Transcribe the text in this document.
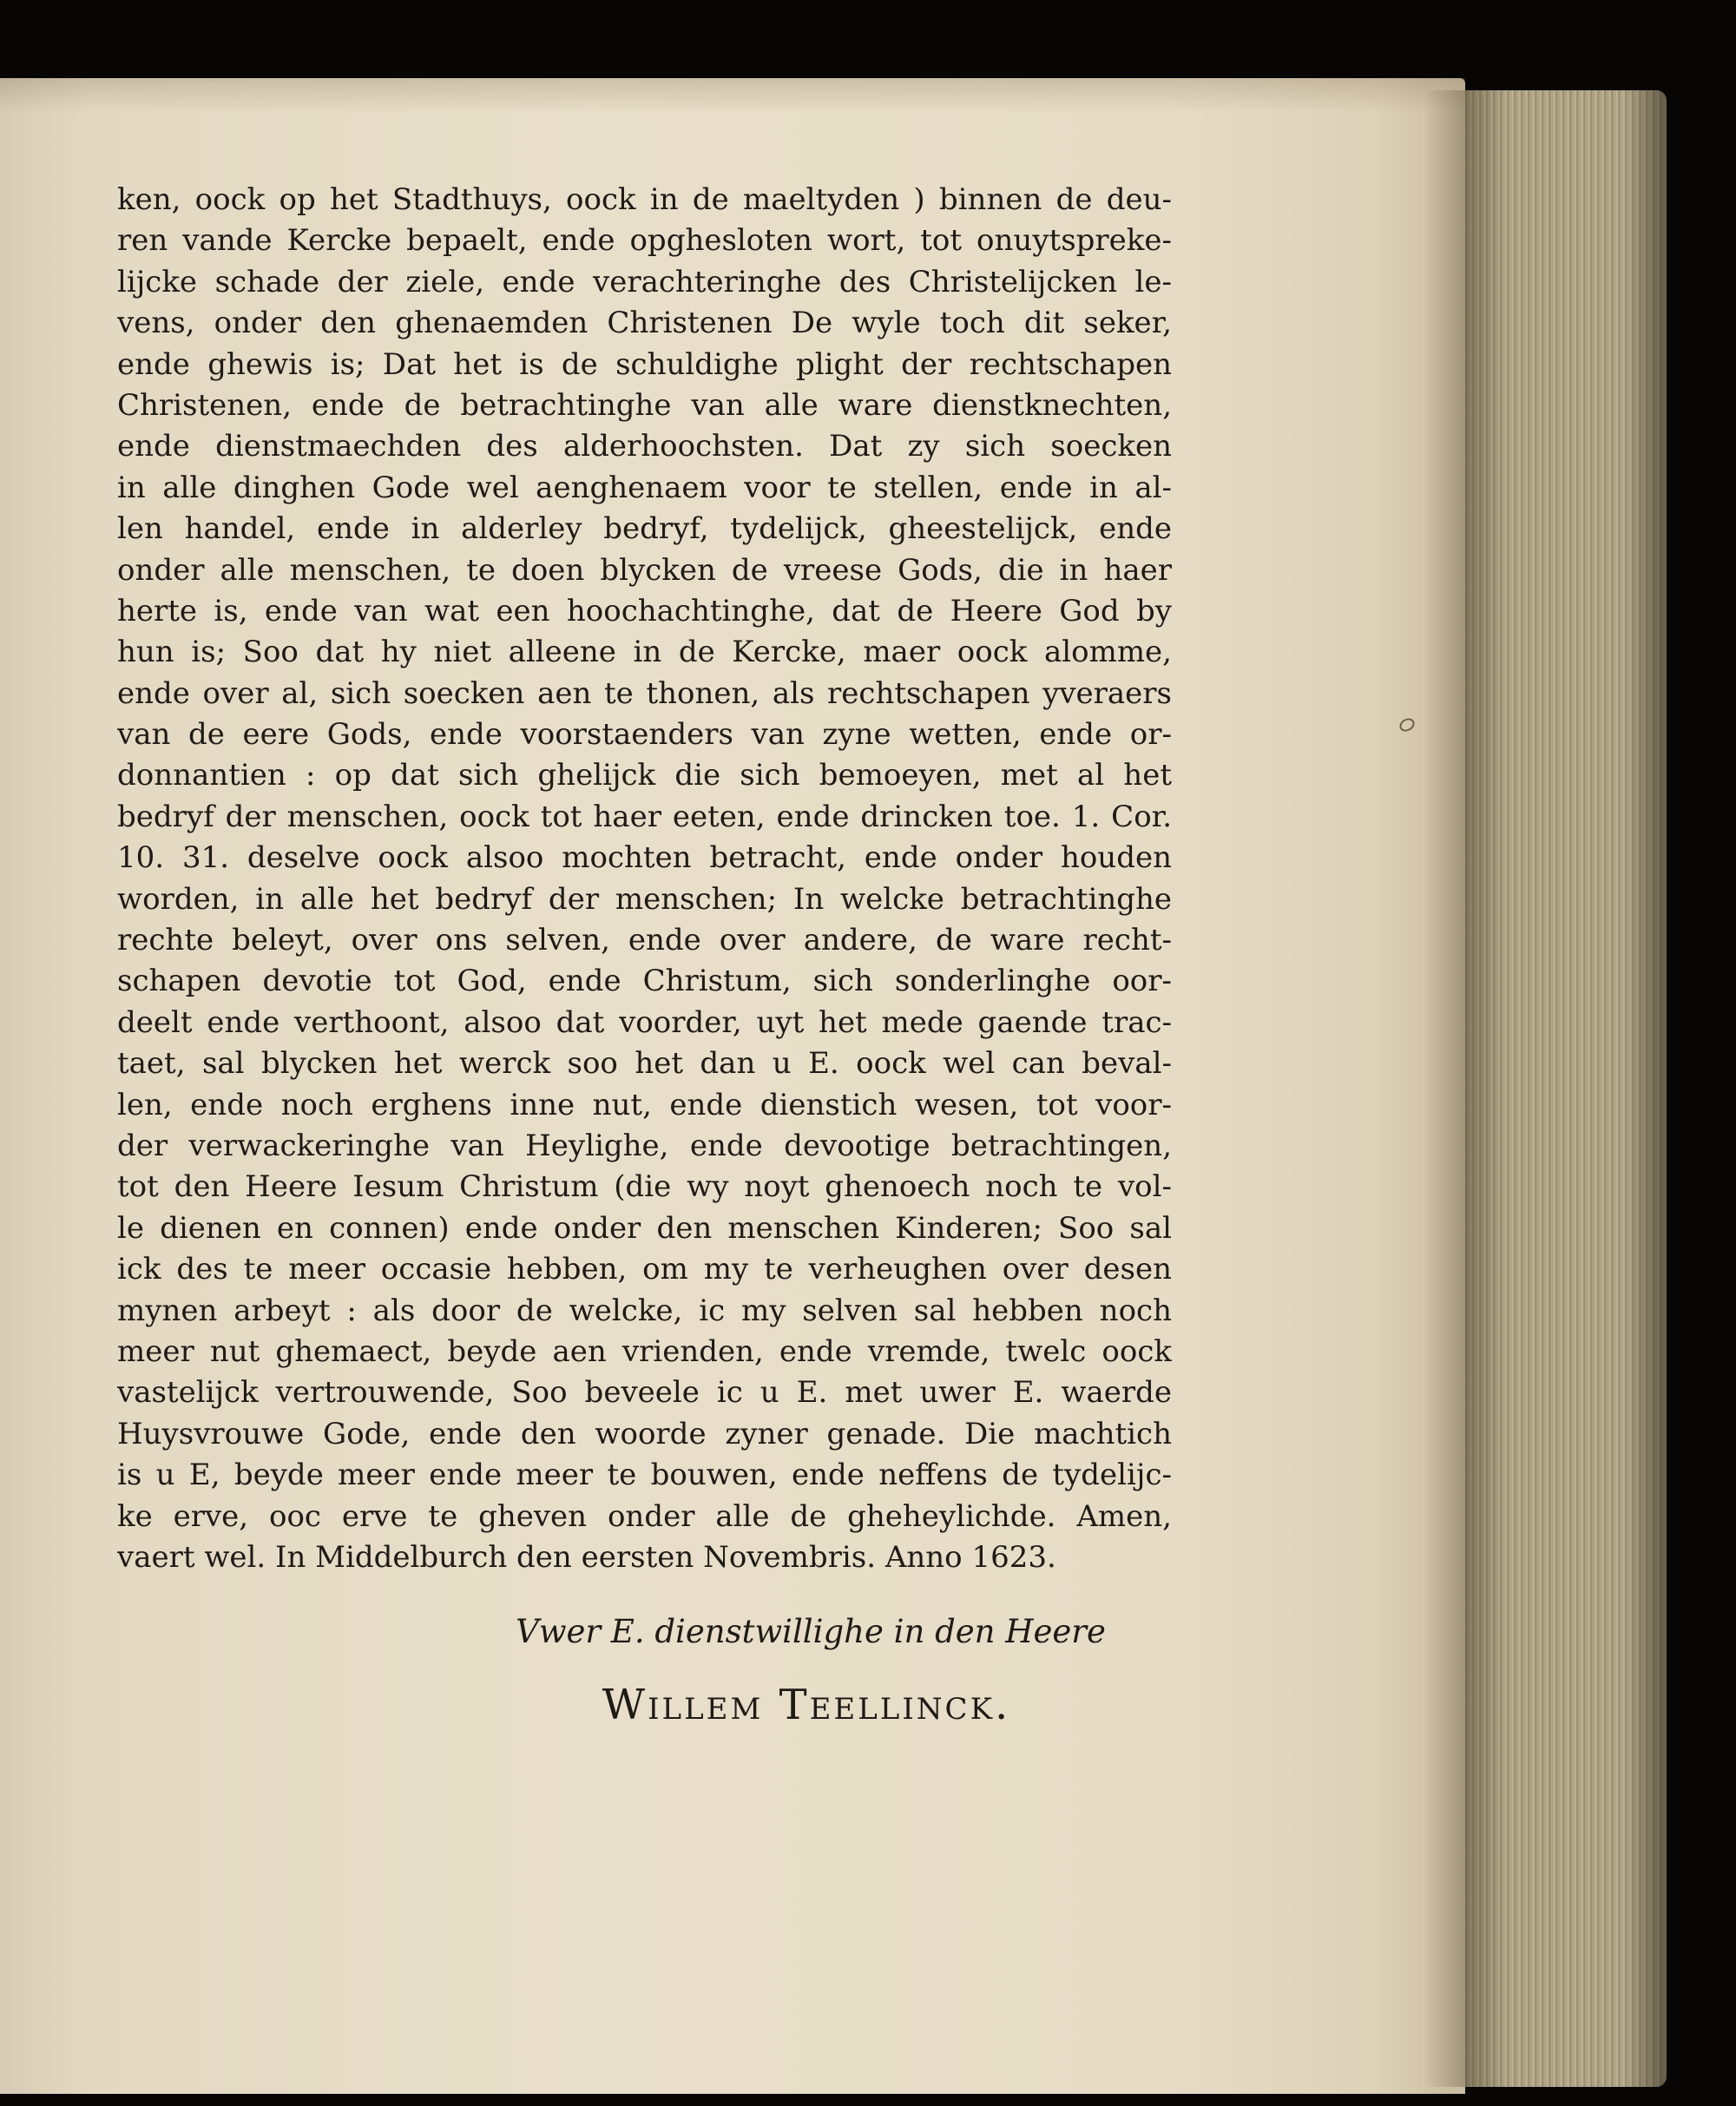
ken, oock op het Stadthuys, oock in de maeltyden ) binnen de deu-
ren vande Kercke bepaelt, ende opghesloten wort, tot onuytspreke-
lijcke schade der ziele, ende verachteringhe des Christelijcken le-
vens, onder den ghenaemden Christenen De wyle toch dit seker,
ende ghewis is; Dat het is de schuldighe plight der rechtschapen
Christenen, ende de betrachtinghe van alle ware dienstknechten,
ende dienstmaechden des alderhoochsten. Dat zy sich soecken
in alle dinghen Gode wel aenghenaem voor te stellen, ende in al-
len handel, ende in alderley bedryf, tydelijck, gheestelijck, ende
onder alle menschen, te doen blycken de vreese Gods, die in haer
herte is, ende van wat een hoochachtinghe, dat de Heere God by
hun is; Soo dat hy niet alleene in de Kercke, maer oock alomme,
ende over al, sich soecken aen te thonen, als rechtschapen yveraers
van de eere Gods, ende voorstaenders van zyne wetten, ende or-
donnantien : op dat sich ghelijck die sich bemoeyen, met al het
bedryf der menschen, oock tot haer eeten, ende drincken toe. 1. Cor.
10. 31. deselve oock alsoo mochten betracht, ende onder houden
worden, in alle het bedryf der menschen; In welcke betrachtinghe
rechte beleyt, over ons selven, ende over andere, de ware recht-
schapen devotie tot God, ende Christum, sich sonderlinghe oor-
deelt ende verthoont, alsoo dat voorder, uyt het mede gaende trac-
taet, sal blycken het werck soo het dan u E. oock wel can beval-
len, ende noch erghens inne nut, ende dienstich wesen, tot voor-
der verwackeringhe van Heylighe, ende devootige betrachtingen,
tot den Heere Iesum Christum (die wy noyt ghenoech noch te vol-
le dienen en connen) ende onder den menschen Kinderen; Soo sal
ick des te meer occasie hebben, om my te verheughen over desen
mynen arbeyt : als door de welcke, ic my selven sal hebben noch
meer nut ghemaect, beyde aen vrienden, ende vremde, twelc oock
vastelijck vertrouwende, Soo beveele ic u E. met uwer E. waerde
Huysvrouwe Gode, ende den woorde zyner genade. Die machtich
is u E, beyde meer ende meer te bouwen, ende neffens de tydelijc-
ke erve, ooc erve te gheven onder alle de gheheylichde. Amen,
vaert wel. In Middelburch den eersten Novembris. Anno 1623.
Vwer E. dienstwillighe in den Heere
Willem Teellinck.
